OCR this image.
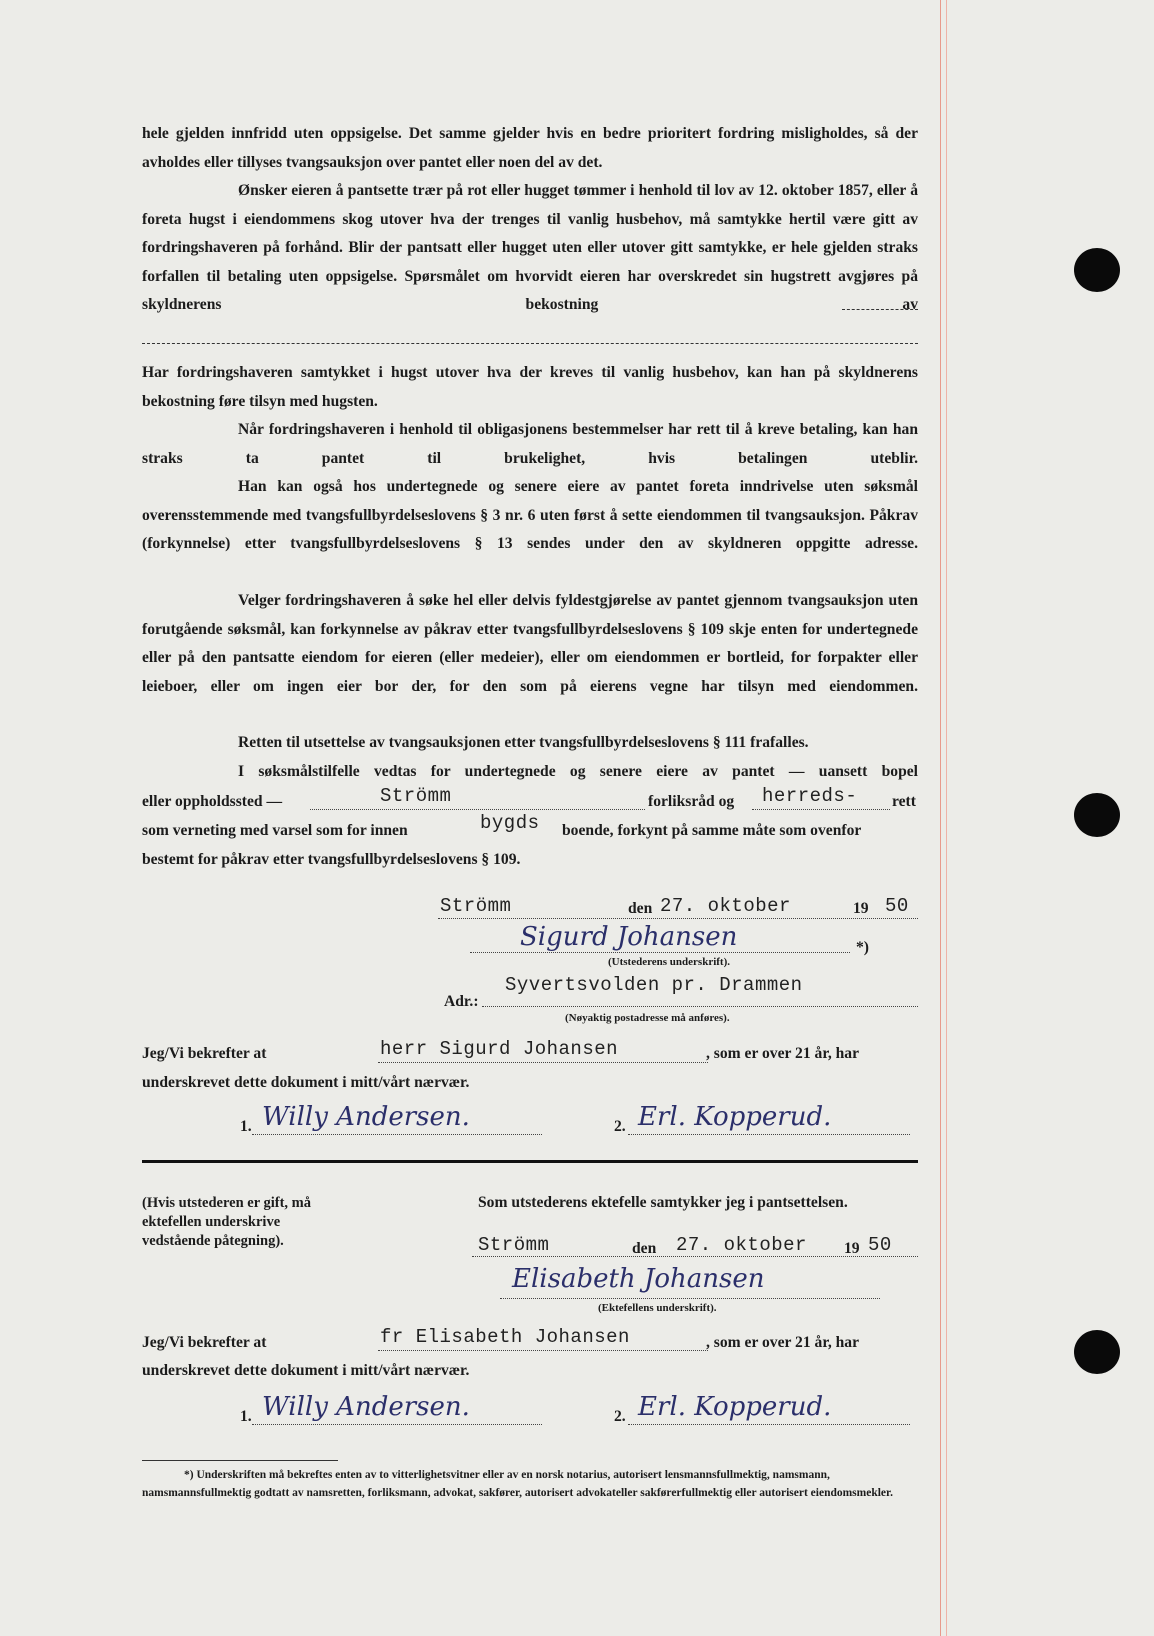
hele gjelden innfridd uten oppsigelse. Det samme gjelder hvis en bedre prioritert fordring misligholdes, så der avholdes eller tillyses tvangsauksjon over pantet eller noen del av det.

Ønsker eieren å pantsette trær på rot eller hugget tømmer i henhold til lov av 12. oktober 1857, eller å foreta hugst i eiendommens skog utover hva der trenges til vanlig husbehov, må samtykke hertil være gitt av fordringshaveren på forhånd. Blir der pantsatt eller hugget uten eller utover gitt samtykke, er hele gjelden straks forfallen til betaling uten oppsigelse. Spørsmålet om hvorvidt eieren har overskredet sin hugstrett avgjøres på skyldnerens bekostning av

Har fordringshaveren samtykket i hugst utover hva der kreves til vanlig husbehov, kan han på skyldnerens bekostning føre tilsyn med hugsten.

Når fordringshaveren i henhold til obligasjonens bestemmelser har rett til å kreve betaling, kan han straks ta pantet til brukelighet, hvis betalingen uteblir.

Han kan også hos undertegnede og senere eiere av pantet foreta inndrivelse uten søksmål overensstemmende med tvangsfullbyrdelseslovens § 3 nr. 6 uten først å sette eiendommen til tvangsauksjon. Påkrav (forkynnelse) etter tvangsfullbyrdelseslovens § 13 sendes under den av skyldneren oppgitte adresse.

Velger fordringshaveren å søke hel eller delvis fyldestgjørelse av pantet gjennom tvangsauksjon uten forutgående søksmål, kan forkynnelse av påkrav etter tvangsfullbyrdelseslovens § 109 skje enten for undertegnede eller på den pantsatte eiendom for eieren (eller medeier), eller om eiendommen er bortleid, for forpakter eller leieboer, eller om ingen eier bor der, for den som på eierens vegne har tilsyn med eiendommen.

Retten til utsettelse av tvangsauksjonen etter tvangsfullbyrdelseslovens § 111 frafalles.

I søksmålstilfelle vedtas for undertegnede og senere eiere av pantet — uansett bopel

eller oppholdssted —	Strömm	forliksråd og herreds- rett
som verneting med varsel som for innen	bygds boende, forkynt på samme måte som ovenfor
bestemt for påkrav etter tvangsfullbyrdelseslovens § 109.
Strömm	den 27. oktober	19 50
Sigurd Johansen	*)
(Utstederens underskrift).
Syvertsvolden pr. Drammen
Adr.:
(Nøyaktig postadresse må anføres).
Jeg/Vi bekrefter at	herr Sigurd Johansen	, som er over 21 år, har
underskrevet dette dokument i mitt/vårt nærvær.
1. Willy Andersen.	2. Erl. Kopperud.
(Hvis utstederen er gift, må ektefellen underskrive vedstående påtegning).
Som utstederens ektefelle samtykker jeg i pantsettelsen.
Strömm	den 27. oktober 19 50
Elisabeth Johansen
(Ektefellens underskrift).
Jeg/Vi bekrefter at	fr Elisabeth Johansen	, som er over 21 år, har
underskrevet dette dokument i mitt/vårt nærvær.
1. Willy Andersen.	2. Erl. Kopperud.
*) Underskriften må bekreftes enten av to vitterlighetsvitner eller av en norsk notarius, autorisert lensmannsfullmektig, namsmann, namsmannsfullmektig godtatt av namsretten, forliksmann, advokat, sakfører, autorisert advokateller sakførerfullmektig eller autorisert eiendomsmekler.
